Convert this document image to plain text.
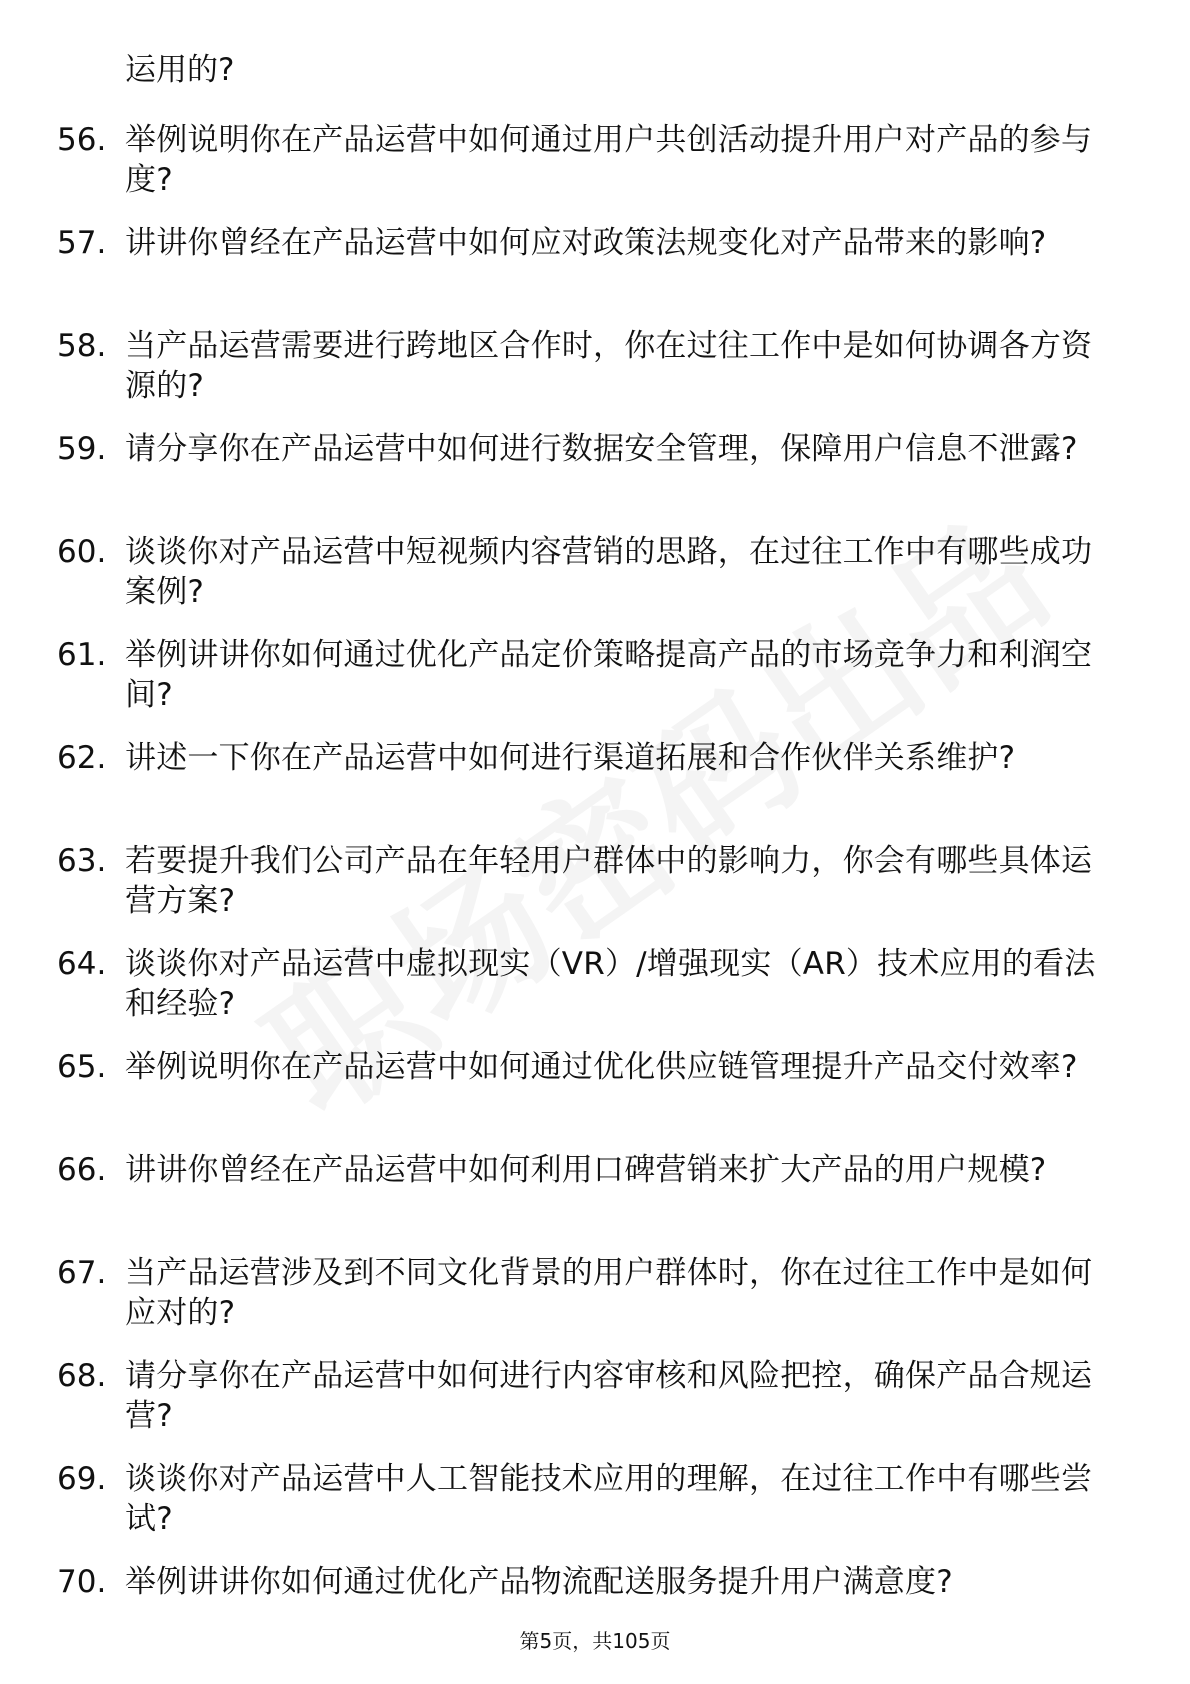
运用的?
56. 举例说明你在产品运营中如何通过用户共创活动提升用户对产品的参与度?
57. 讲讲你曾经在产品运营中如何应对政策法规变化对产品带来的影响?
58. 当产品运营需要进行跨地区合作时，你在过往工作中是如何协调各方资源的?
59. 请分享你在产品运营中如何进行数据安全管理，保障用户信息不泄露?
60. 谈谈你对产品运营中短视频内容营销的思路，在过往工作中有哪些成功案例?
61. 举例讲讲你如何通过优化产品定价策略提高产品的市场竞争力和利润空间?
62. 讲述一下你在产品运营中如何进行渠道拓展和合作伙伴关系维护?
63. 若要提升我们公司产品在年轻用户群体中的影响力，你会有哪些具体运营方案?
64. 谈谈你对产品运营中虚拟现实（VR）/增强现实（AR）技术应用的看法和经验?
65. 举例说明你在产品运营中如何通过优化供应链管理提升产品交付效率?
66. 讲讲你曾经在产品运营中如何利用口碑营销来扩大产品的用户规模?
67. 当产品运营涉及到不同文化背景的用户群体时，你在过往工作中是如何应对的?
68. 请分享你在产品运营中如何进行内容审核和风险把控，确保产品合规运营?
69. 谈谈你对产品运营中人工智能技术应用的理解，在过往工作中有哪些尝试?
70. 举例讲讲你如何通过优化产品物流配送服务提升用户满意度?
第5页，共105页
